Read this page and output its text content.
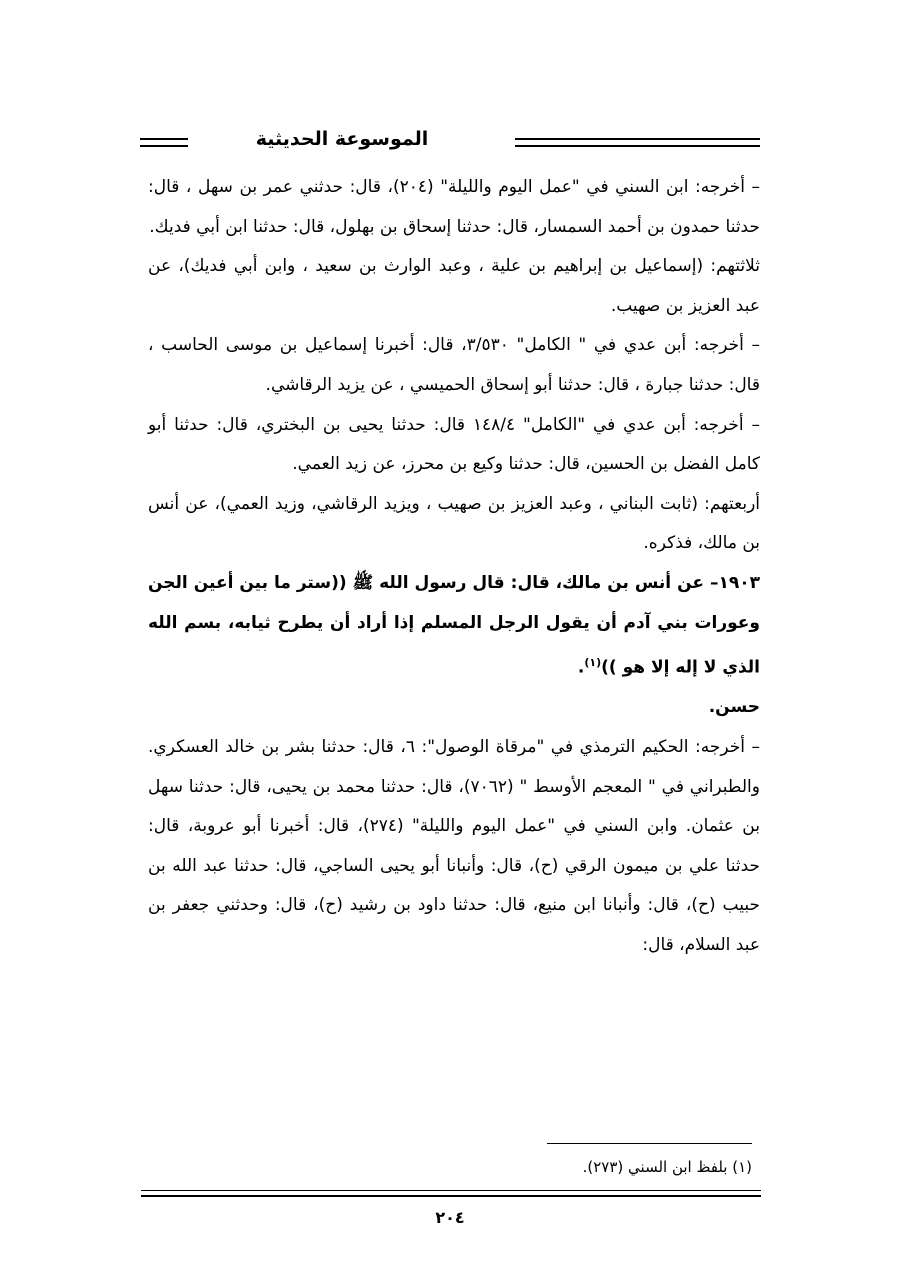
الموسوعة الحديثية

– أخرجه: ابن السني في "عمل اليوم والليلة" (٢٠٤)، قال: حدثني عمر بن سهل ، قال: حدثنا حمدون بن أحمد السمسار، قال: حدثنا إسحاق بن بهلول، قال: حدثنا ابن أبي فديك.

ثلاثتهم: (إسماعيل بن إبراهيم بن علية ، وعبد الوارث بن سعيد ، وابن أبي فديك)، عن عبد العزيز بن صهيب.

– أخرجه: أبن عدي في " الكامل" ٣/٥٣٠، قال: أخبرنا إسماعيل بن موسى الحاسب ، قال: حدثنا جبارة ، قال: حدثنا أبو إسحاق الحميسي ، عن يزيد الرقاشي.

– أخرجه: أبن عدي في "الكامل" ١٤٨/٤ قال: حدثنا يحيى بن البختري، قال: حدثنا أبو كامل الفضل بن الحسين، قال: حدثنا وكيع بن محرز، عن زيد العمي.

أربعتهم: (ثابت البناني ، وعبد العزيز بن صهيب ، ويزيد الرقاشي، وزيد العمي)، عن أنس بن مالك، فذكره.

١٩٠٣– عن أنس بن مالك، قال: قال رسول الله ﷺ ((ستر ما بين أعين الجن وعورات بني آدم أن يقول الرجل المسلم إذا أراد أن يطرح ثيابه، بسم الله الذي لا إله إلا هو ))$^{(١)}$.

حسن.

– أخرجه: الحكيم الترمذي في "مرقاة الوصول": ٦، قال: حدثنا بشر بن خالد العسكري. والطبراني في " المعجم الأوسط " (٧٠٦٢)، قال: حدثنا محمد بن يحيى، قال: حدثنا سهل بن عثمان. وابن السني في "عمل اليوم والليلة" (٢٧٤)، قال: أخبرنا أبو عروبة، قال: حدثنا علي بن ميمون الرقي (ح)، قال: وأنبانا أبو يحيى الساجي، قال: حدثنا عبد الله بن حبيب (ح)، قال: وأنبانا ابن منيع، قال: حدثنا داود بن رشيد (ح)، قال: وحدثني جعفر بن عبد السلام، قال:

(١) بلفظ ابن السني (٢٧٣).
٢٠٤
